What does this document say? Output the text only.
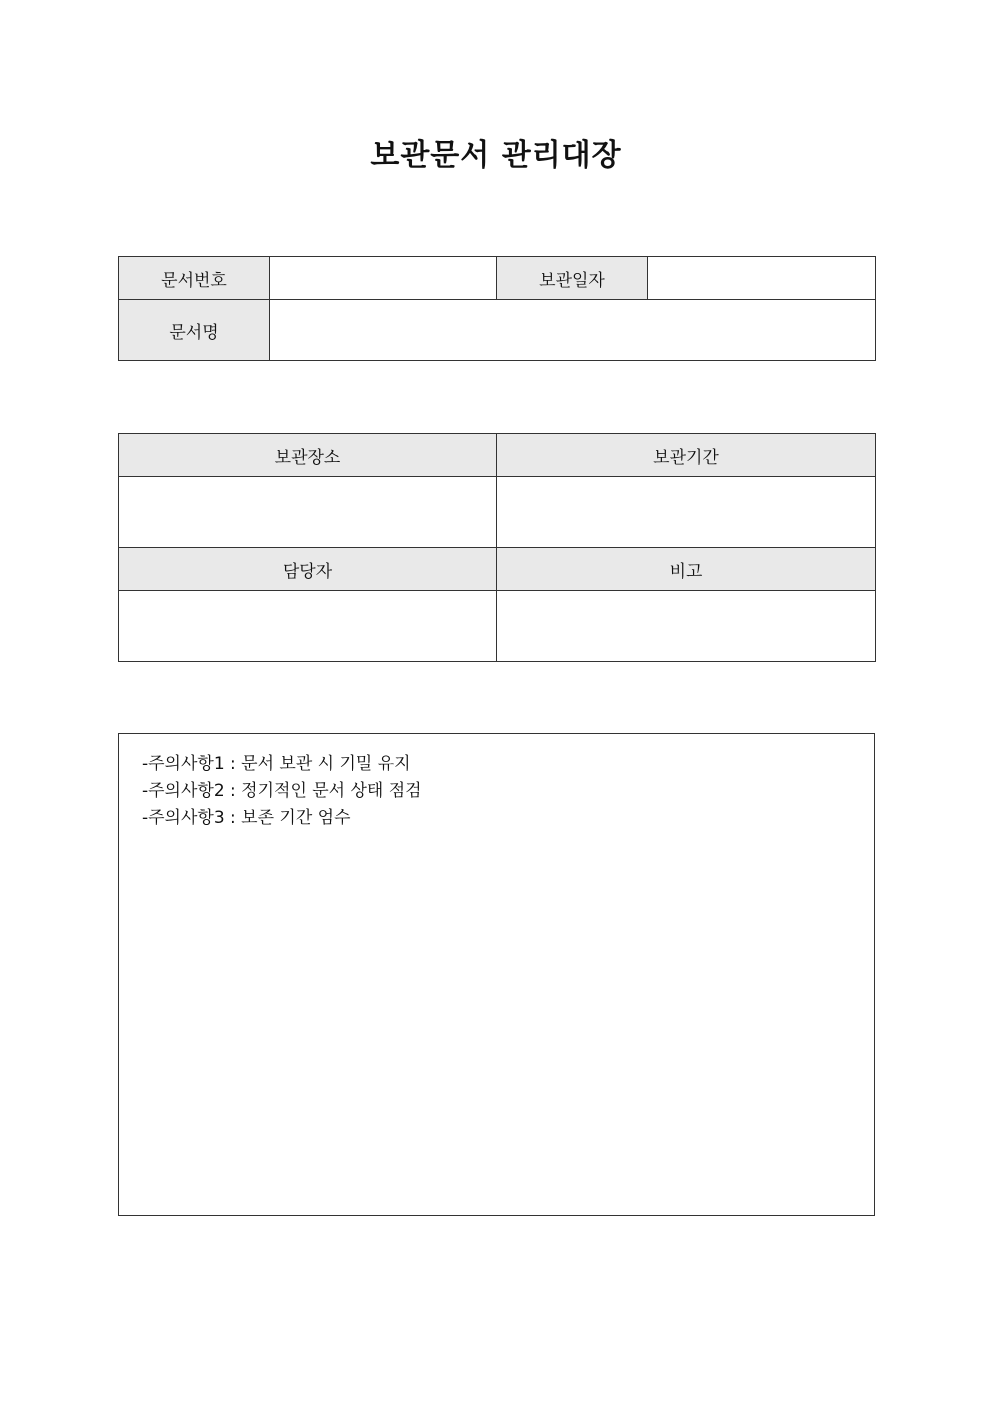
보관문서 관리대장
문서번호		보관일자	
문서명			
보관장소	보관기간

담당자	비고

-주의사항1 : 문서 보관 시 기밀 유지
-주의사항2 : 정기적인 문서 상태 점검
-주의사항3 : 보존 기간 엄수
